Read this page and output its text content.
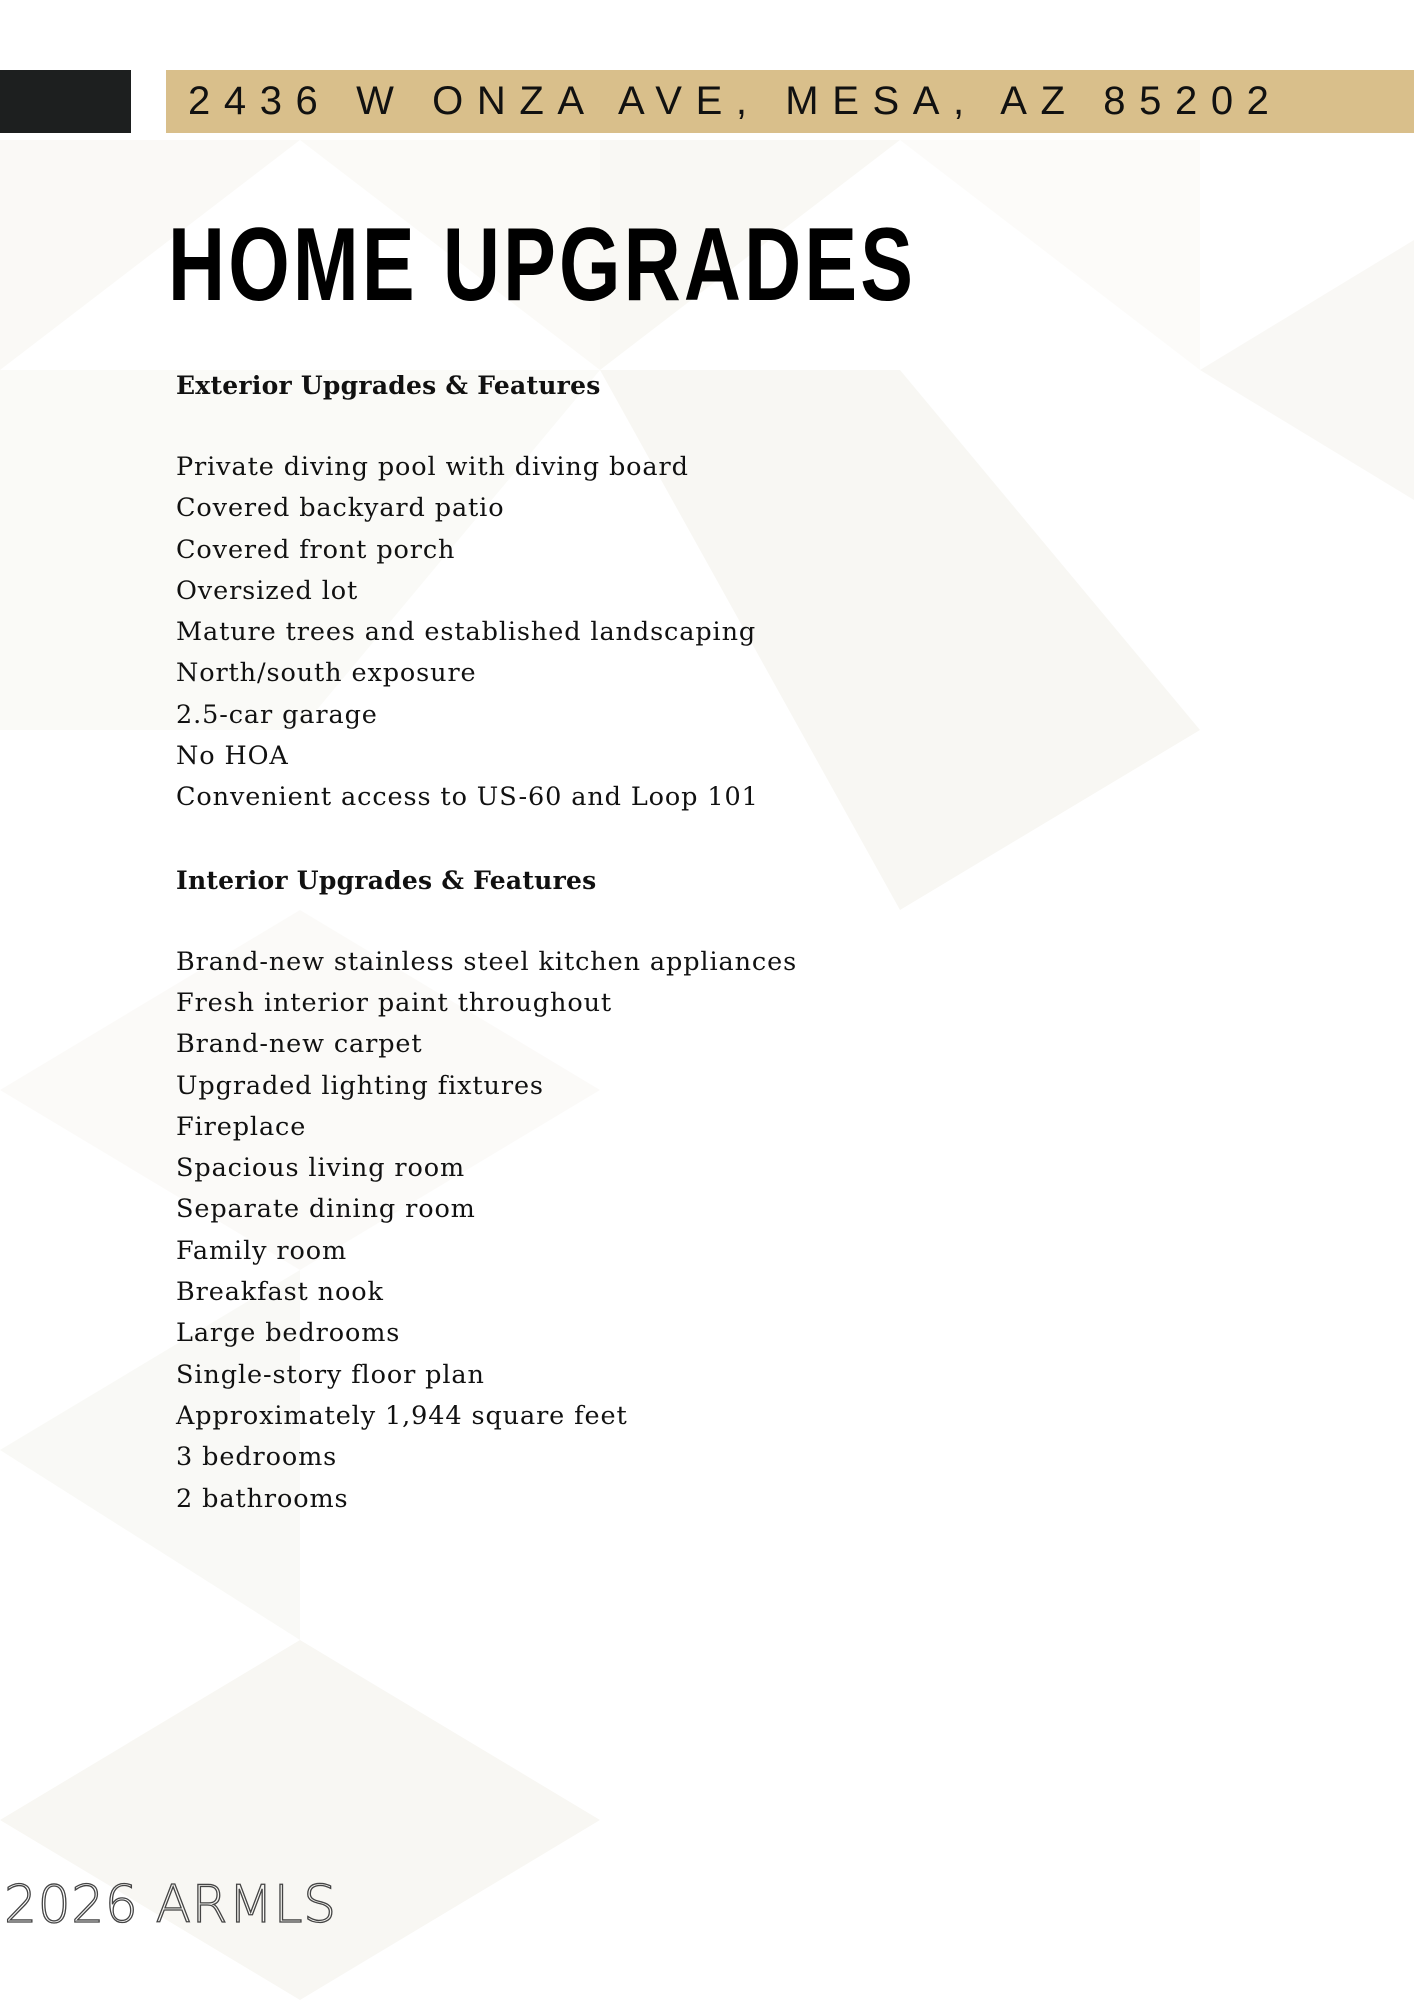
2436 W ONZA AVE, MESA, AZ 85202
HOME UPGRADES
Exterior Upgrades & Features
Private diving pool with diving board
Covered backyard patio
Covered front porch
Oversized lot
Mature trees and established landscaping
North/south exposure
2.5-car garage
No HOA
Convenient access to US-60 and Loop 101
Interior Upgrades & Features
Brand-new stainless steel kitchen appliances
Fresh interior paint throughout
Brand-new carpet
Upgraded lighting fixtures
Fireplace
Spacious living room
Separate dining room
Family room
Breakfast nook
Large bedrooms
Single-story floor plan
Approximately 1,944 square feet
3 bedrooms
2 bathrooms
2026 ARMLS
